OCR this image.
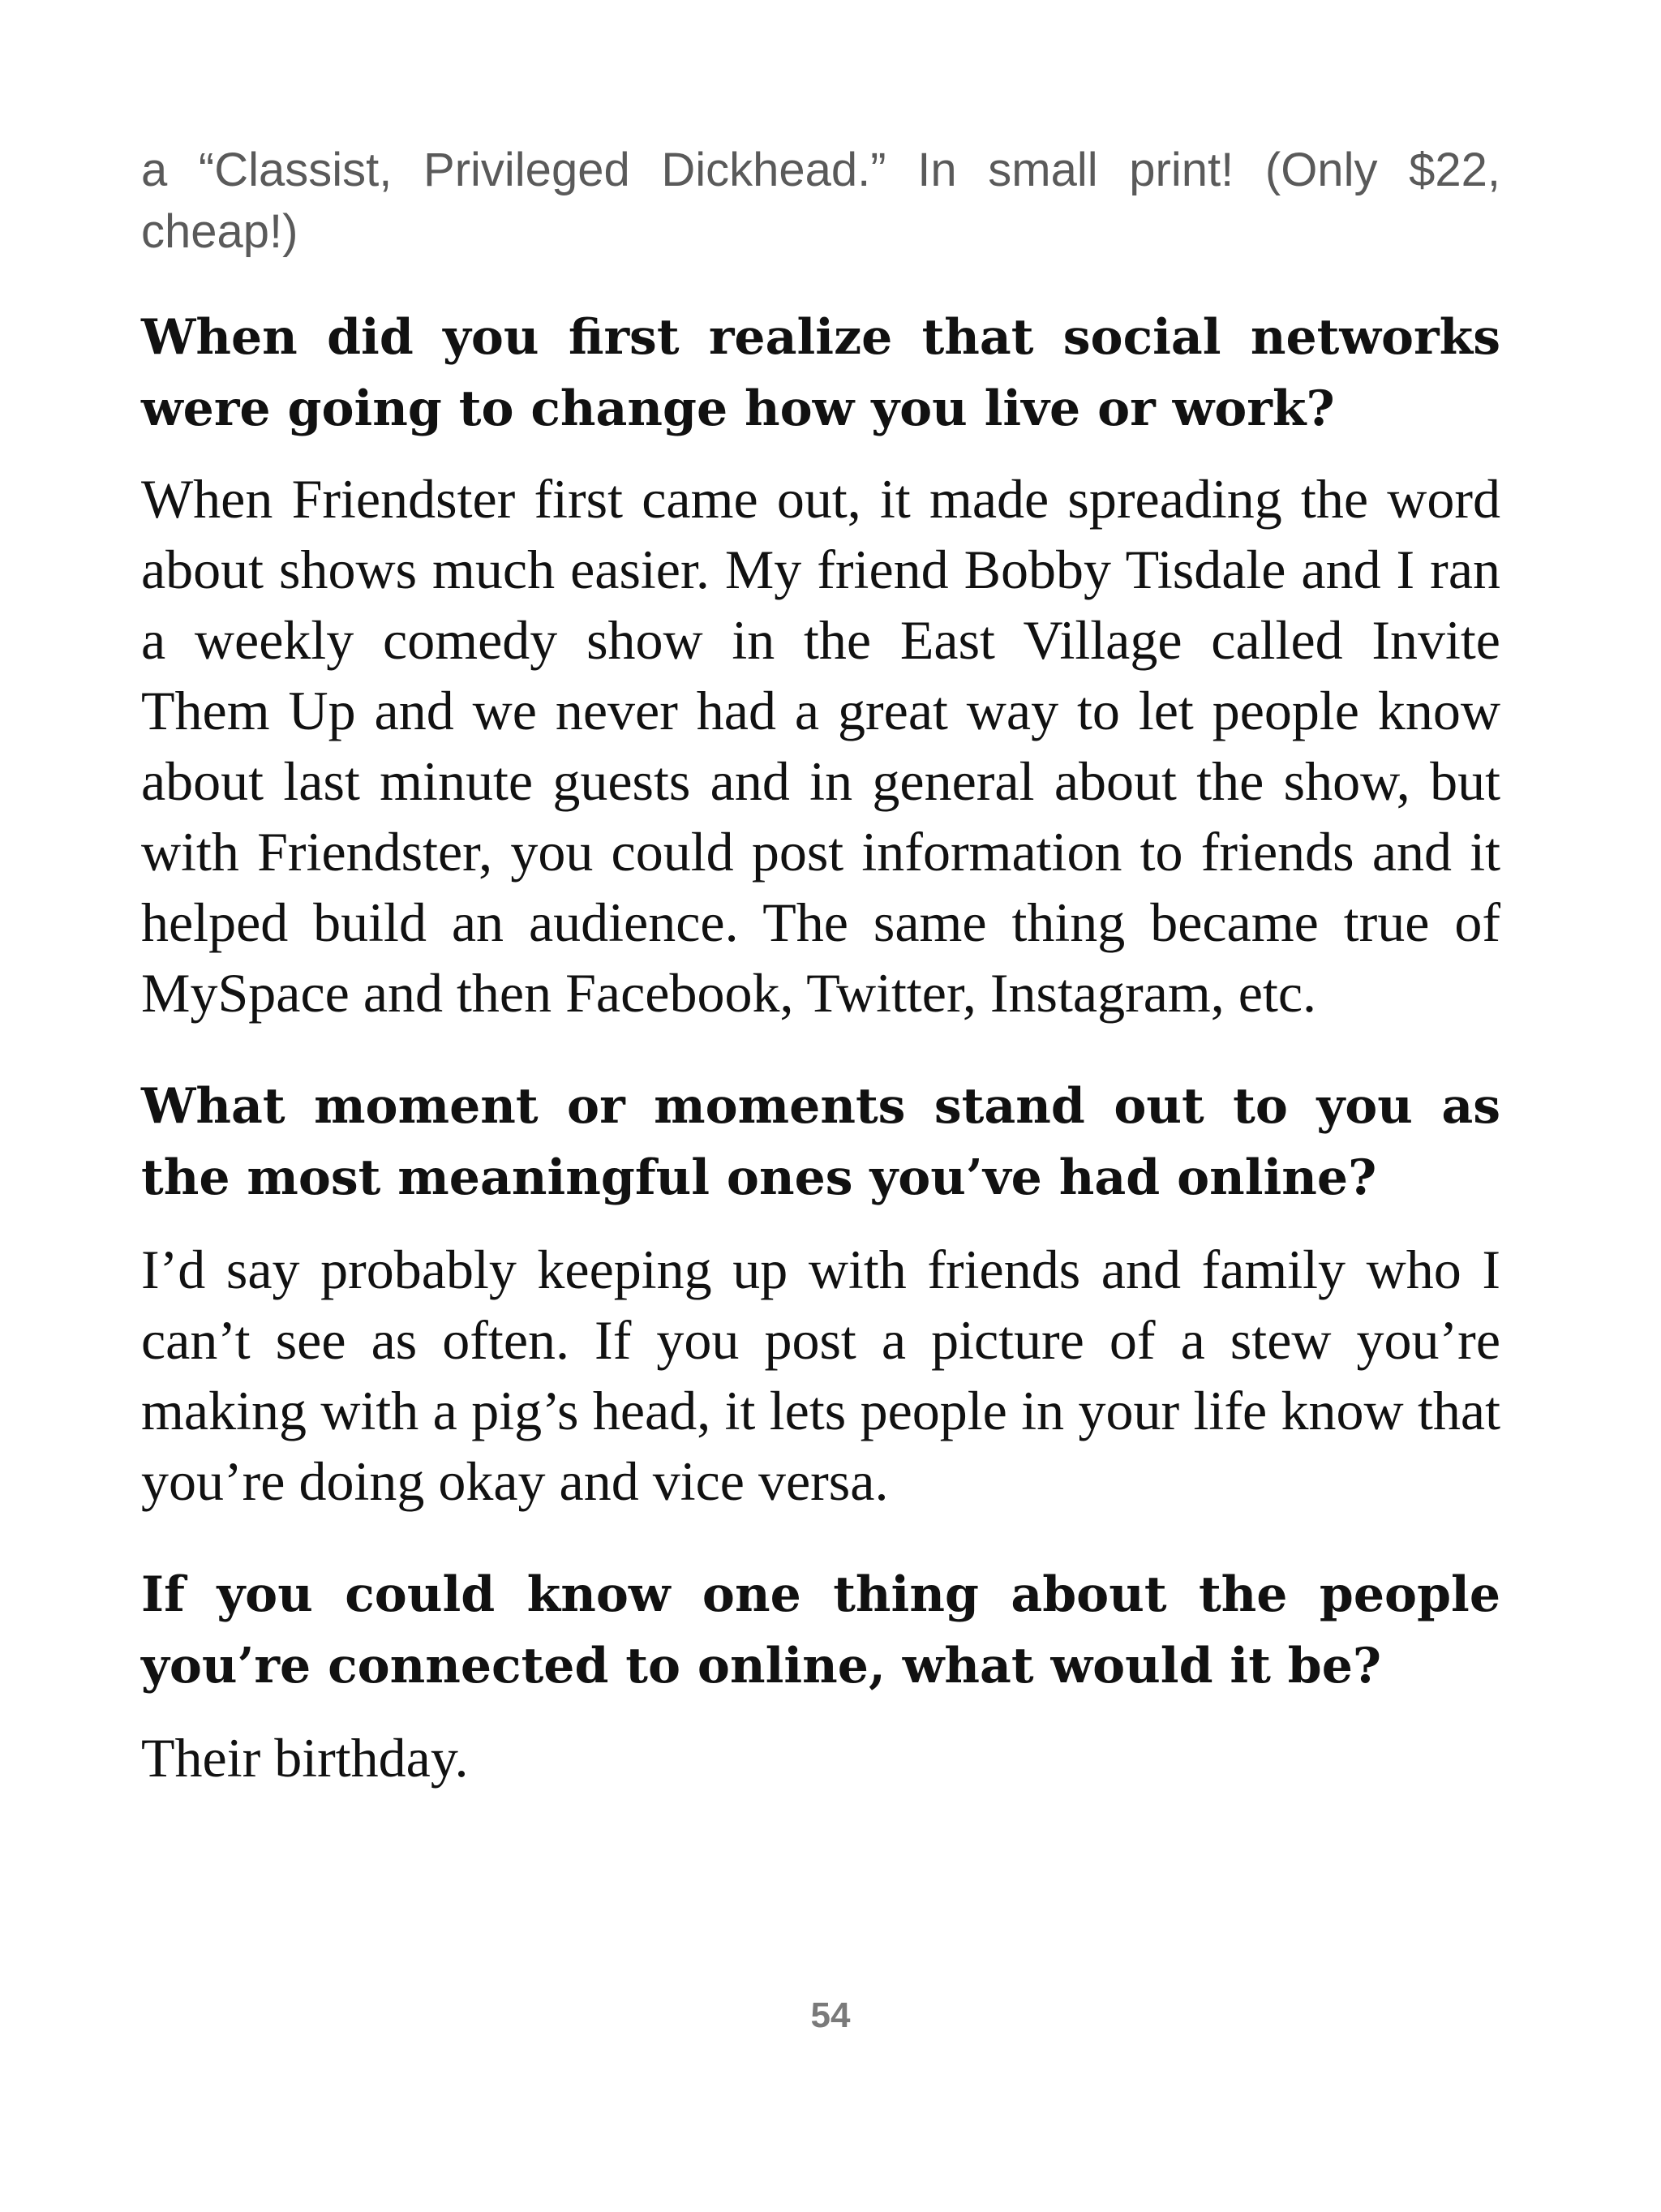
a “Classist, Privileged Dickhead.” In small print! (Only $22, cheap!)

When did you first realize that social networks were going to change how you live or work?

When Friendster first came out, it made spreading the word about shows much easier. My friend Bobby Tisdale and I ran a weekly comedy show in the East Village called Invite Them Up and we never had a great way to let people know about last minute guests and in general about the show, but with Friendster, you could post information to friends and it helped build an audience. The same thing became true of MySpace and then Facebook, Twitter, Instagram, etc.

What moment or moments stand out to you as the most meaningful ones you’ve had online?

I’d say probably keeping up with friends and family who I can’t see as often. If you post a picture of a stew you’re making with a pig’s head, it lets people in your life know that you’re doing okay and vice versa.

If you could know one thing about the people you’re connected to online, what would it be?

Their birthday.

54
